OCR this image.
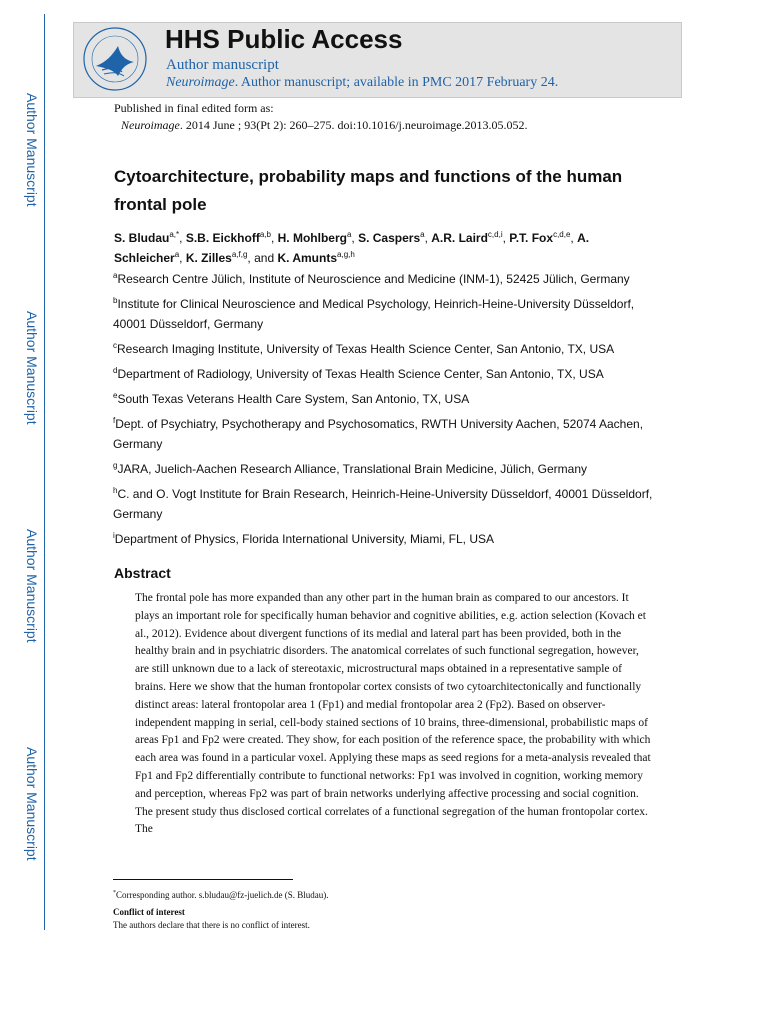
Author Manuscript
Author Manuscript
Author Manuscript
Author Manuscript
HHS Public Access
Author manuscript
Neuroimage. Author manuscript; available in PMC 2017 February 24.
Published in final edited form as:
Neuroimage. 2014 June ; 93(Pt 2): 260–275. doi:10.1016/j.neuroimage.2013.05.052.
Cytoarchitecture, probability maps and functions of the human frontal pole
S. Bludau$^{a,*}$, S.B. Eickhoff$^{a,b}$, H. Mohlberg$^a$, S. Caspers$^a$, A.R. Laird$^{c,d,i}$, P.T. Fox$^{c,d,e}$, A. Schleicher$^a$, K. Zilles$^{a,f,g}$, and K. Amunts$^{a,g,h}$
$^a$Research Centre Jülich, Institute of Neuroscience and Medicine (INM-1), 52425 Jülich, Germany
$^b$Institute for Clinical Neuroscience and Medical Psychology, Heinrich-Heine-University Düsseldorf, 40001 Düsseldorf, Germany
$^c$Research Imaging Institute, University of Texas Health Science Center, San Antonio, TX, USA
$^d$Department of Radiology, University of Texas Health Science Center, San Antonio, TX, USA
$^e$South Texas Veterans Health Care System, San Antonio, TX, USA
$^f$Dept. of Psychiatry, Psychotherapy and Psychosomatics, RWTH University Aachen, 52074 Aachen, Germany
$^g$JARA, Juelich-Aachen Research Alliance, Translational Brain Medicine, Jülich, Germany
$^h$C. and O. Vogt Institute for Brain Research, Heinrich-Heine-University Düsseldorf, 40001 Düsseldorf, Germany
$^i$Department of Physics, Florida International University, Miami, FL, USA
Abstract
The frontal pole has more expanded than any other part in the human brain as compared to our ancestors. It plays an important role for specifically human behavior and cognitive abilities, e.g. action selection (Kovach et al., 2012). Evidence about divergent functions of its medial and lateral part has been provided, both in the healthy brain and in psychiatric disorders. The anatomical correlates of such functional segregation, however, are still unknown due to a lack of stereotaxic, microstructural maps obtained in a representative sample of brains. Here we show that the human frontopolar cortex consists of two cytoarchitectonically and functionally distinct areas: lateral frontopolar area 1 (Fp1) and medial frontopolar area 2 (Fp2). Based on observer-independent mapping in serial, cell-body stained sections of 10 brains, three-dimensional, probabilistic maps of areas Fp1 and Fp2 were created. They show, for each position of the reference space, the probability with which each area was found in a particular voxel. Applying these maps as seed regions for a meta-analysis revealed that Fp1 and Fp2 differentially contribute to functional networks: Fp1 was involved in cognition, working memory and perception, whereas Fp2 was part of brain networks underlying affective processing and social cognition. The present study thus disclosed cortical correlates of a functional segregation of the human frontopolar cortex. The
*Corresponding author. s.bludau@fz-juelich.de (S. Bludau).
Conflict of interest
The authors declare that there is no conflict of interest.
